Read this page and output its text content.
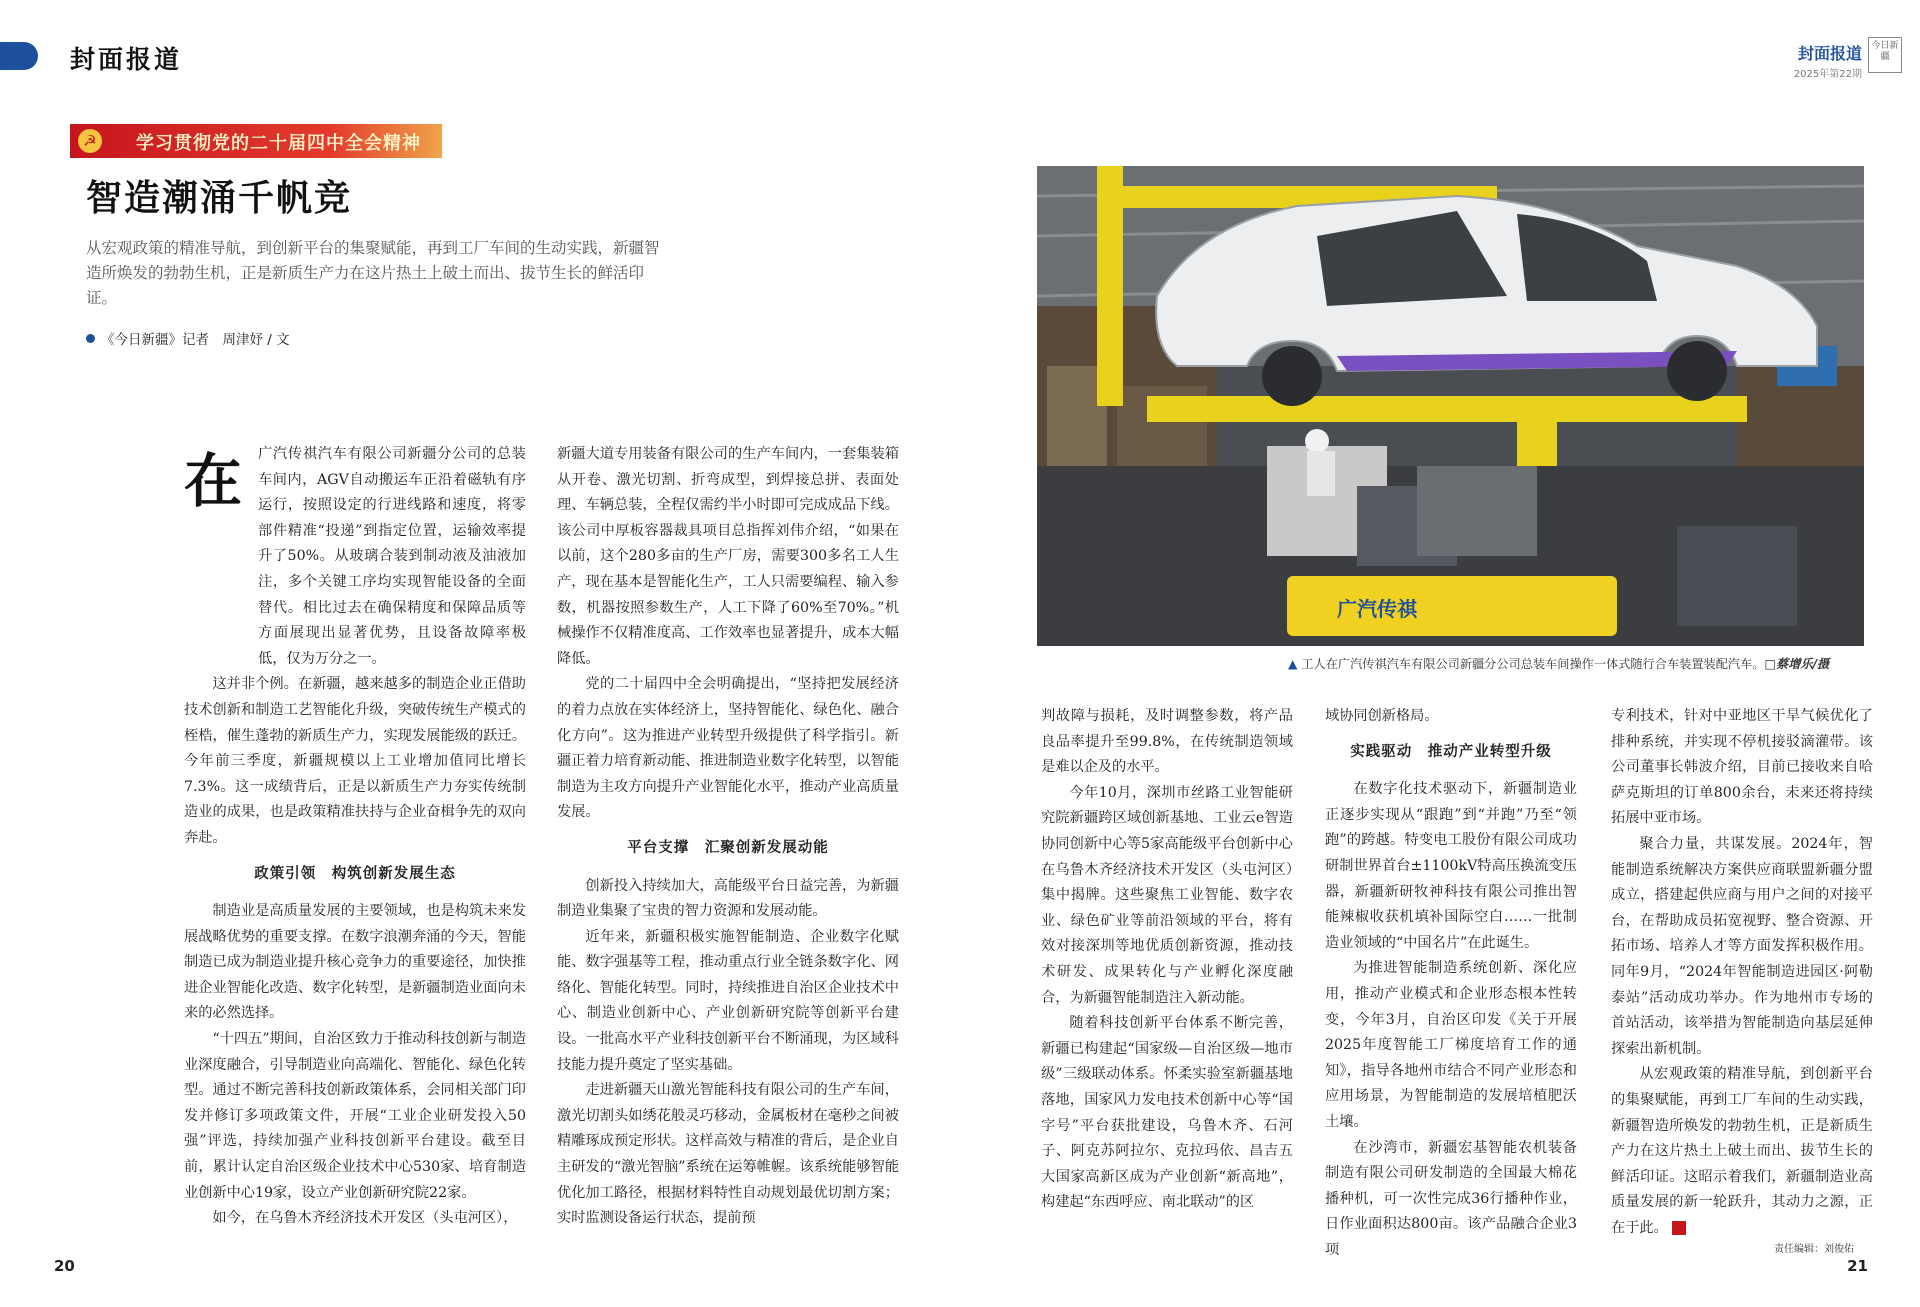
封面报道	封面报道
2025年第22期
今日新疆
☭ 学习贯彻党的二十届四中全会精神
智造潮涌千帆竞
从宏观政策的精准导航，到创新平台的集聚赋能，再到工厂车间的生动实践，新疆智造所焕发的勃勃生机，正是新质生产力在这片热土上破土而出、拔节生长的鲜活印证。
《今日新疆》记者　周津妤 / 文
在	广汽传祺汽车有限公司新疆分公司的总装车间内，AGV自动搬运车正沿着磁轨有序运行，按照设定的行进线路和速度，将零部件精准“投递”到指定位置，运输效率提升了50%。从玻璃合装到制动液及油液加注，多个关键工序均实现智能设备的全面替代。相比过去在确保精度和保障品质等方面展现出显著优势，且设备故障率极低，仅为万分之一。

这并非个例。在新疆，越来越多的制造企业正借助技术创新和制造工艺智能化升级，突破传统生产模式的桎梏，催生蓬勃的新质生产力，实现发展能级的跃迁。今年前三季度，新疆规模以上工业增加值同比增长7.3%。这一成绩背后，正是以新质生产力夯实传统制造业的成果，也是政策精准扶持与企业奋楫争先的双向奔赴。

政策引领　构筑创新发展生态

制造业是高质量发展的主要领域，也是构筑未来发展战略优势的重要支撑。在数字浪潮奔涌的今天，智能制造已成为制造业提升核心竞争力的重要途径，加快推进企业智能化改造、数字化转型，是新疆制造业面向未来的必然选择。

“十四五”期间，自治区致力于推动科技创新与制造业深度融合，引导制造业向高端化、智能化、绿色化转型。通过不断完善科技创新政策体系，会同相关部门印发并修订多项政策文件，开展“工业企业研发投入50强”评选，持续加强产业科技创新平台建设。截至目前，累计认定自治区级企业技术中心530家、培育制造业创新中心19家，设立产业创新研究院22家。

如今，在乌鲁木齐经济技术开发区（头屯河区），

新疆大道专用装备有限公司的生产车间内，一套集装箱从开卷、激光切割、折弯成型，到焊接总拼、表面处理、车辆总装，全程仅需约半小时即可完成成品下线。该公司中厚板容器裁具项目总指挥刘伟介绍，“如果在以前，这个280多亩的生产厂房，需要300多名工人生产，现在基本是智能化生产，工人只需要编程、输入参数，机器按照参数生产，人工下降了60%至70%。”机械操作不仅精准度高、工作效率也显著提升，成本大幅降低。

党的二十届四中全会明确提出，“坚持把发展经济的着力点放在实体经济上，坚持智能化、绿色化、融合化方向”。这为推进产业转型升级提供了科学指引。新疆正着力培育新动能、推进制造业数字化转型，以智能制造为主攻方向提升产业智能化水平，推动产业高质量发展。

平台支撑　汇聚创新发展动能

创新投入持续加大，高能级平台日益完善，为新疆制造业集聚了宝贵的智力资源和发展动能。

近年来，新疆积极实施智能制造、企业数字化赋能、数字强基等工程，推动重点行业全链条数字化、网络化、智能化转型。同时，持续推进自治区企业技术中心、制造业创新中心、产业创新研究院等创新平台建设。一批高水平产业科技创新平台不断涌现，为区域科技能力提升奠定了坚实基础。

走进新疆天山激光智能科技有限公司的生产车间，激光切割头如绣花般灵巧移动，金属板材在毫秒之间被精雕琢成预定形状。这样高效与精准的背后，是企业自主研发的“激光智脑”系统在运筹帷幄。该系统能够智能优化加工路径，根据材料特性自动规划最优切割方案；实时监测设备运行状态，提前预

广汽传祺
▲ 工人在广汽传祺汽车有限公司新疆分公司总装车间操作一体式随行合车装置装配汽车。□蔡增乐/摄

判故障与损耗，及时调整参数，将产品良品率提升至99.8%，在传统制造领域是难以企及的水平。

今年10月，深圳市丝路工业智能研究院新疆跨区域创新基地、工业云e智造协同创新中心等5家高能级平台创新中心在乌鲁木齐经济技术开发区（头屯河区）集中揭牌。这些聚焦工业智能、数字农业、绿色矿业等前沿领域的平台，将有效对接深圳等地优质创新资源，推动技术研发、成果转化与产业孵化深度融合，为新疆智能制造注入新动能。

随着科技创新平台体系不断完善，新疆已构建起“国家级—自治区级—地市级”三级联动体系。怀柔实验室新疆基地落地，国家风力发电技术创新中心等“国字号”平台获批建设，乌鲁木齐、石河子、阿克苏阿拉尔、克拉玛依、昌吉五大国家高新区成为产业创新“新高地”，构建起“东西呼应、南北联动”的区

域协同创新格局。

实践驱动　推动产业转型升级

在数字化技术驱动下，新疆制造业正逐步实现从“跟跑”到“并跑”乃至“领跑”的跨越。特变电工股份有限公司成功研制世界首台±1100kV特高压换流变压器，新疆新研牧神科技有限公司推出智能辣椒收获机填补国际空白……一批制造业领域的“中国名片”在此诞生。

为推进智能制造系统创新、深化应用，推动产业模式和企业形态根本性转变，今年3月，自治区印发《关于开展2025年度智能工厂梯度培育工作的通知》，指导各地州市结合不同产业形态和应用场景，为智能制造的发展培植肥沃土壤。

在沙湾市，新疆宏基智能农机装备制造有限公司研发制造的全国最大棉花播种机，可一次性完成36行播种作业，日作业面积达800亩。该产品融合企业3项

专利技术，针对中亚地区干旱气候优化了排种系统，并实现不停机接驳滴灌带。该公司董事长韩波介绍，目前已接收来自哈萨克斯坦的订单800余台，未来还将持续拓展中亚市场。

聚合力量，共谋发展。2024年，智能制造系统解决方案供应商联盟新疆分盟成立，搭建起供应商与用户之间的对接平台，在帮助成员拓宽视野、整合资源、开拓市场、培养人才等方面发挥积极作用。同年9月，“2024年智能制造进园区·阿勒泰站”活动成功举办。作为地州市专场的首站活动，该举措为智能制造向基层延伸探索出新机制。

从宏观政策的精准导航，到创新平台的集聚赋能，再到工厂车间的生动实践，新疆智造所焕发的勃勃生机，正是新质生产力在这片热土上破土而出、拔节生长的鲜活印证。这昭示着我们，新疆制造业高质量发展的新一轮跃升，其动力之源，正在于此。	J

20
责任编辑：刘俊佑
21
